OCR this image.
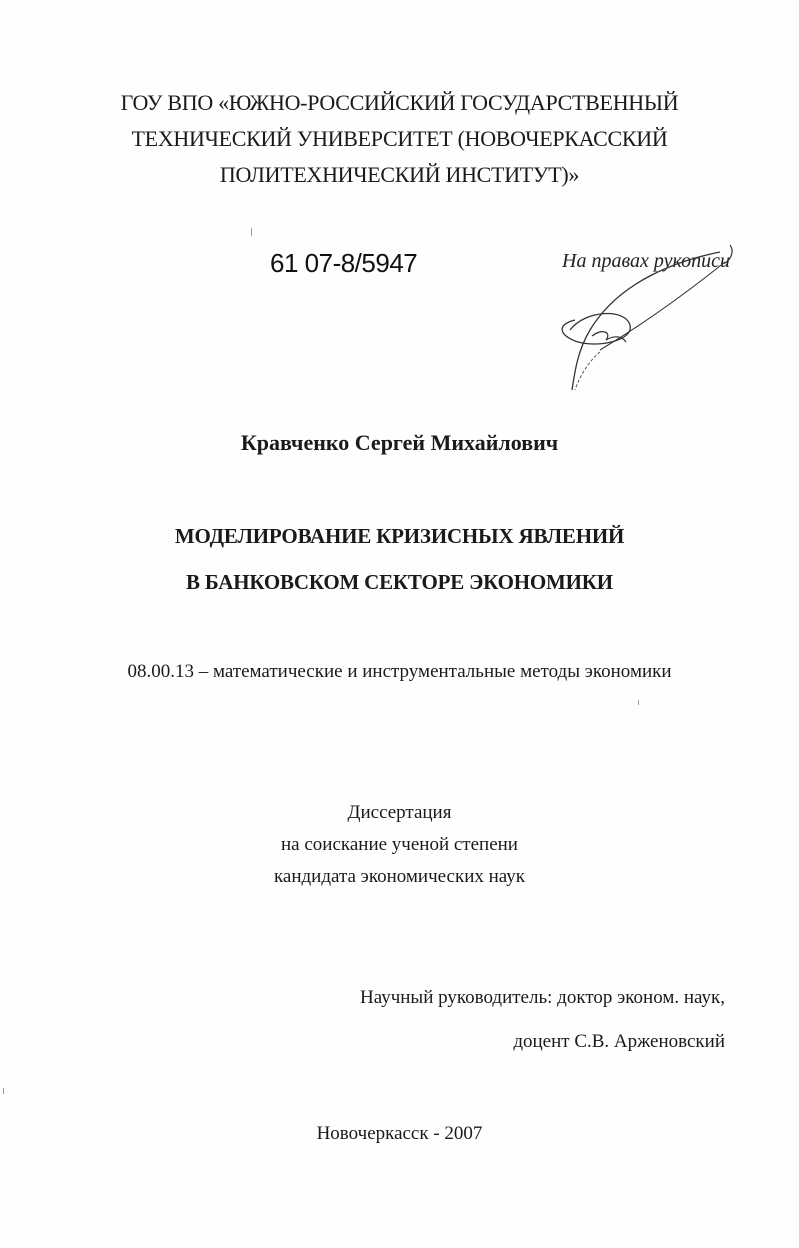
ГОУ ВПО «ЮЖНО-РОССИЙСКИЙ ГОСУДАРСТВЕННЫЙ
ТЕХНИЧЕСКИЙ УНИВЕРСИТЕТ (НОВОЧЕРКАССКИЙ
ПОЛИТЕХНИЧЕСКИЙ ИНСТИТУТ)»
61 07-8/5947	На правах рукописи
Кравченко Сергей Михайлович
МОДЕЛИРОВАНИЕ КРИЗИСНЫХ ЯВЛЕНИЙ
В БАНКОВСКОМ СЕКТОРЕ ЭКОНОМИКИ
08.00.13 – математические и инструментальные методы экономики
Диссертация
на соискание ученой степени
кандидата экономических наук
Научный руководитель: доктор эконом. наук,
доцент С.В. Арженовский
Новочеркасск - 2007
